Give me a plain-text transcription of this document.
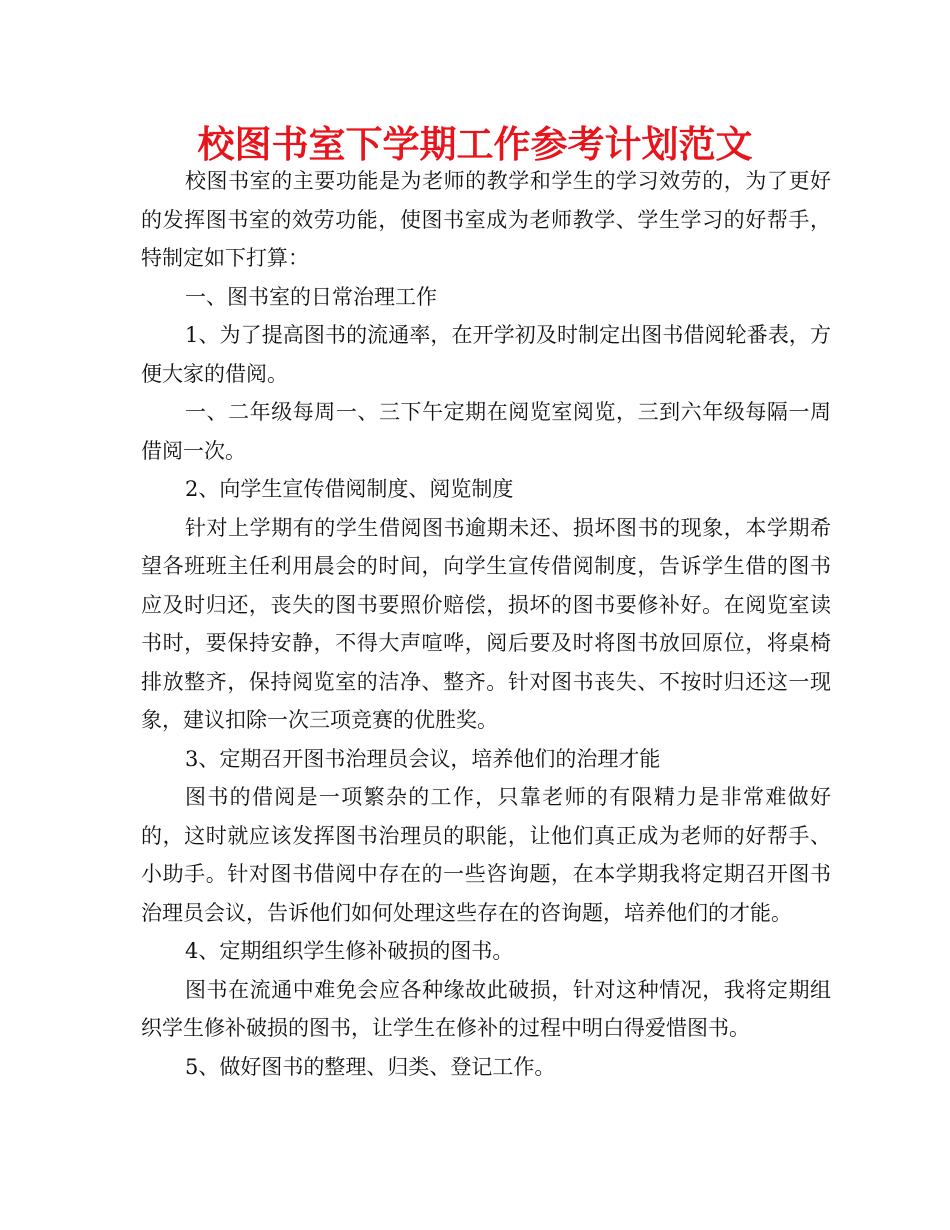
校图书室下学期工作参考计划范文

校图书室的主要功能是为老师的教学和学生的学习效劳的，为了更好的发挥图书室的效劳功能，使图书室成为老师教学、学生学习的好帮手，特制定如下打算：

一、图书室的日常治理工作

1、为了提高图书的流通率，在开学初及时制定出图书借阅轮番表，方便大家的借阅。

一、二年级每周一、三下午定期在阅览室阅览，三到六年级每隔一周借阅一次。

2、向学生宣传借阅制度、阅览制度

针对上学期有的学生借阅图书逾期未还、损坏图书的现象，本学期希望各班班主任利用晨会的时间，向学生宣传借阅制度，告诉学生借的图书应及时归还，丧失的图书要照价赔偿，损坏的图书要修补好。在阅览室读书时，要保持安静，不得大声喧哗，阅后要及时将图书放回原位，将桌椅排放整齐，保持阅览室的洁净、整齐。针对图书丧失、不按时归还这一现象，建议扣除一次三项竞赛的优胜奖。

3、定期召开图书治理员会议，培养他们的治理才能

图书的借阅是一项繁杂的工作，只靠老师的有限精力是非常难做好的，这时就应该发挥图书治理员的职能，让他们真正成为老师的好帮手、小助手。针对图书借阅中存在的一些咨询题，在本学期我将定期召开图书治理员会议，告诉他们如何处理这些存在的咨询题，培养他们的才能。

4、定期组织学生修补破损的图书。

图书在流通中难免会应各种缘故此破损，针对这种情况，我将定期组织学生修补破损的图书，让学生在修补的过程中明白得爱惜图书。

5、做好图书的整理、归类、登记工作。
